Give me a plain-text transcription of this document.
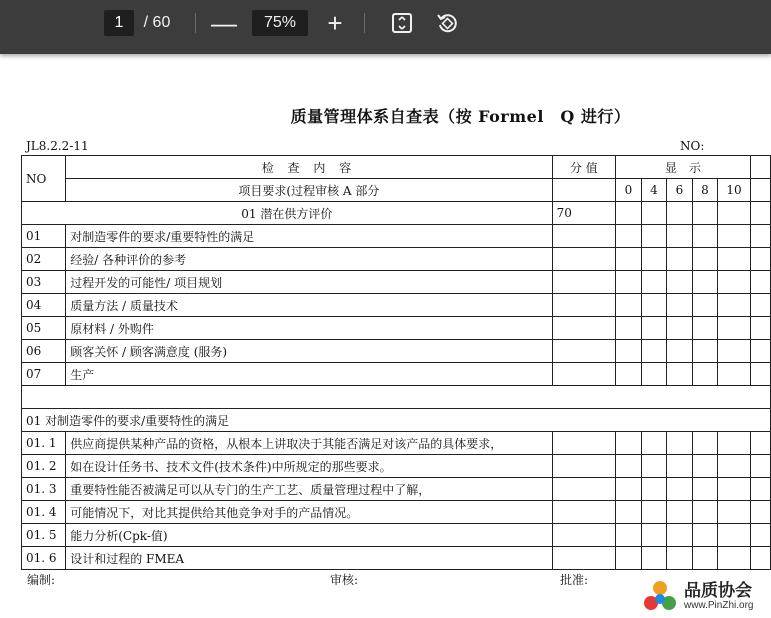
1
/ 60 —	75%	+
质量管理体系自查表（按 Formel　Q 进行）
JL8.2.2-11	NO:
NO	检 查 内 容	分 值	显　示					
	项目要求(过程审核 A 部分		0	4	6	8	10	
01 潜在供方评价		70						
01	对制造零件的要求/重要特性的满足							
02	经验/ 各种评价的参考							
03	过程开发的可能性/ 项目规划							
04	质量方法 / 质量技术							
05	原材料 / 外购件							
06	顾客关怀 / 顾客满意度 (服务)							
07	生产							

01 对制造零件的要求/重要特性的满足								
01. 1	供应商提供某种产品的资格，从根本上讲取决于其能否满足对该产品的具体要求，							
01. 2	如在设计任务书、技术文件(技术条件)中所规定的那些要求。							
01. 3	重要特性能否被满足可以从专门的生产工艺、质量管理过程中了解，							
01. 4	可能情况下，对比其提供给其他竞争对手的产品情况。							
01. 5	能力分析(Cpk-值)							
01. 6	设计和过程的 FMEA							
编制:	审核:	批准:
品质协会
www.PinZhi.org
